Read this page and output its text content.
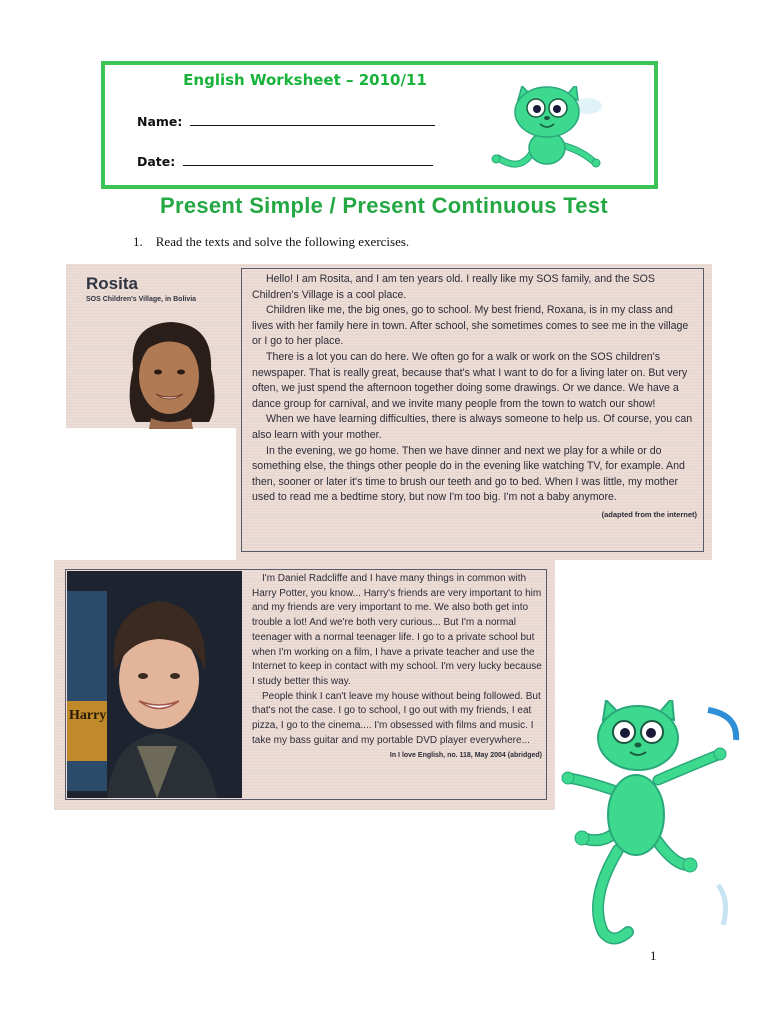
English Worksheet – 2010/11
Name:
Date:
Present Simple / Present Continuous Test
1. Read the texts and solve the following exercises.
Rosita
SOS Children's Village, in Bolivia

Hello! I am Rosita, and I am ten years old. I really like my SOS family, and the SOS Children's Village is a cool place.

Children like me, the big ones, go to school. My best friend, Roxana, is in my class and lives with her family here in town. After school, she sometimes comes to see me in the village or I go to her place.

There is a lot you can do here. We often go for a walk or work on the SOS children's newspaper. That is really great, because that's what I want to do for a living later on. But very often, we just spend the afternoon together doing some drawings. Or we dance. We have a dance group for carnival, and we invite many people from the town to watch our show!

When we have learning difficulties, there is always someone to help us. Of course, you can also learn with your mother.

In the evening, we go home. Then we have dinner and next we play for a while or do something else, the things other people do in the evening like watching TV, for example. And then, sooner or later it's time to brush our teeth and go to bed. When I was little, my mother used to read me a bedtime story, but now I'm too big. I'm not a baby anymore.

(adapted from the internet)
Harry

I'm Daniel Radcliffe and I have many things in common with Harry Potter, you know... Harry's friends are very important to him and my friends are very important to me. We also both get into trouble a lot! And we're both very curious... But I'm a normal teenager with a normal teenager life. I go to a private school but when I'm working on a film, I have a private teacher and use the Internet to keep in contact with my school. I'm very lucky because I study better this way.

People think I can't leave my house without being followed. But that's not the case. I go to school, I go out with my friends, I eat pizza, I go to the cinema.... I'm obsessed with films and music. I take my bass guitar and my portable DVD player everywhere...

In I love English, no. 118, May 2004 (abridged)
1
